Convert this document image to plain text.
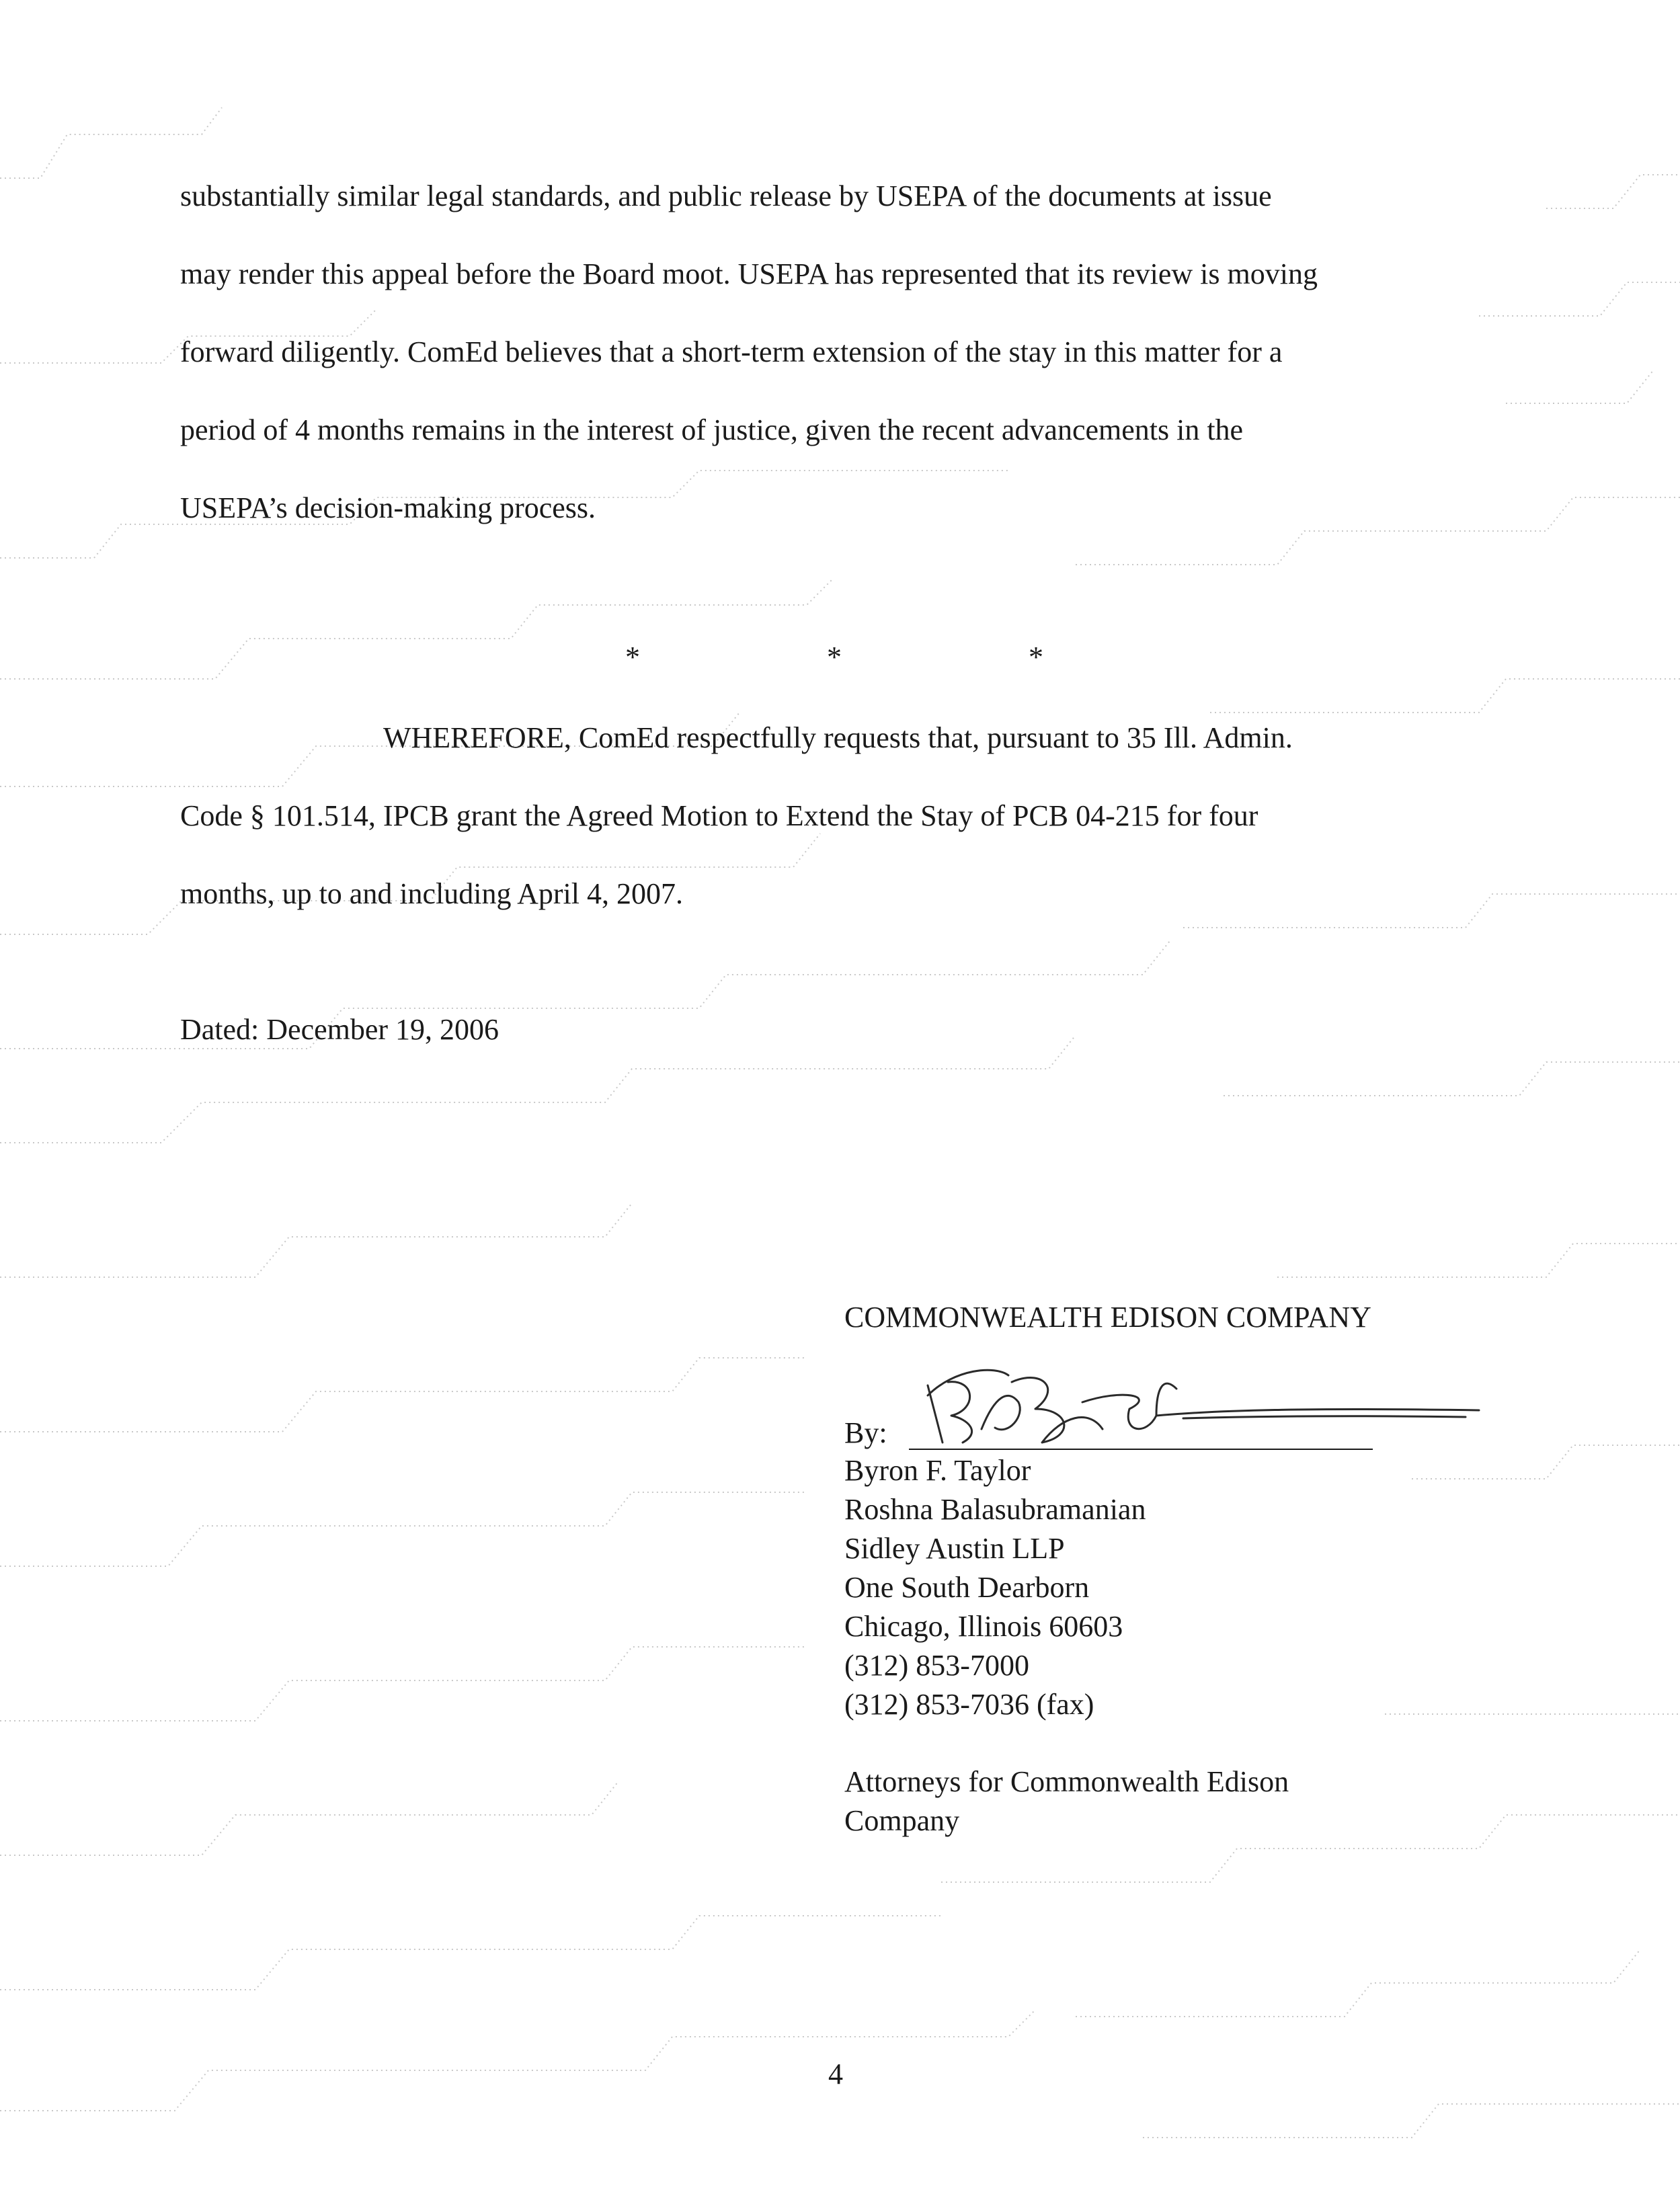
substantially similar legal standards, and public release by USEPA of the documents at issue
may render this appeal before the Board moot. USEPA has represented that its review is moving
forward diligently. ComEd believes that a short-term extension of the stay in this matter for a
period of 4 months remains in the interest of justice, given the recent advancements in the
USEPA’s decision-making process.
*	*	*
WHEREFORE, ComEd respectfully requests that, pursuant to 35 Ill. Admin.
Code § 101.514, IPCB grant the Agreed Motion to Extend the Stay of PCB 04-215 for four
months, up to and including April 4, 2007.
Dated: December 19, 2006
COMMONWEALTH EDISON COMPANY
By:
Byron F. Taylor
Roshna Balasubramanian
Sidley Austin LLP
One South Dearborn
Chicago, Illinois 60603
(312) 853-7000
(312) 853-7036 (fax)
Attorneys for Commonwealth Edison
Company
4
